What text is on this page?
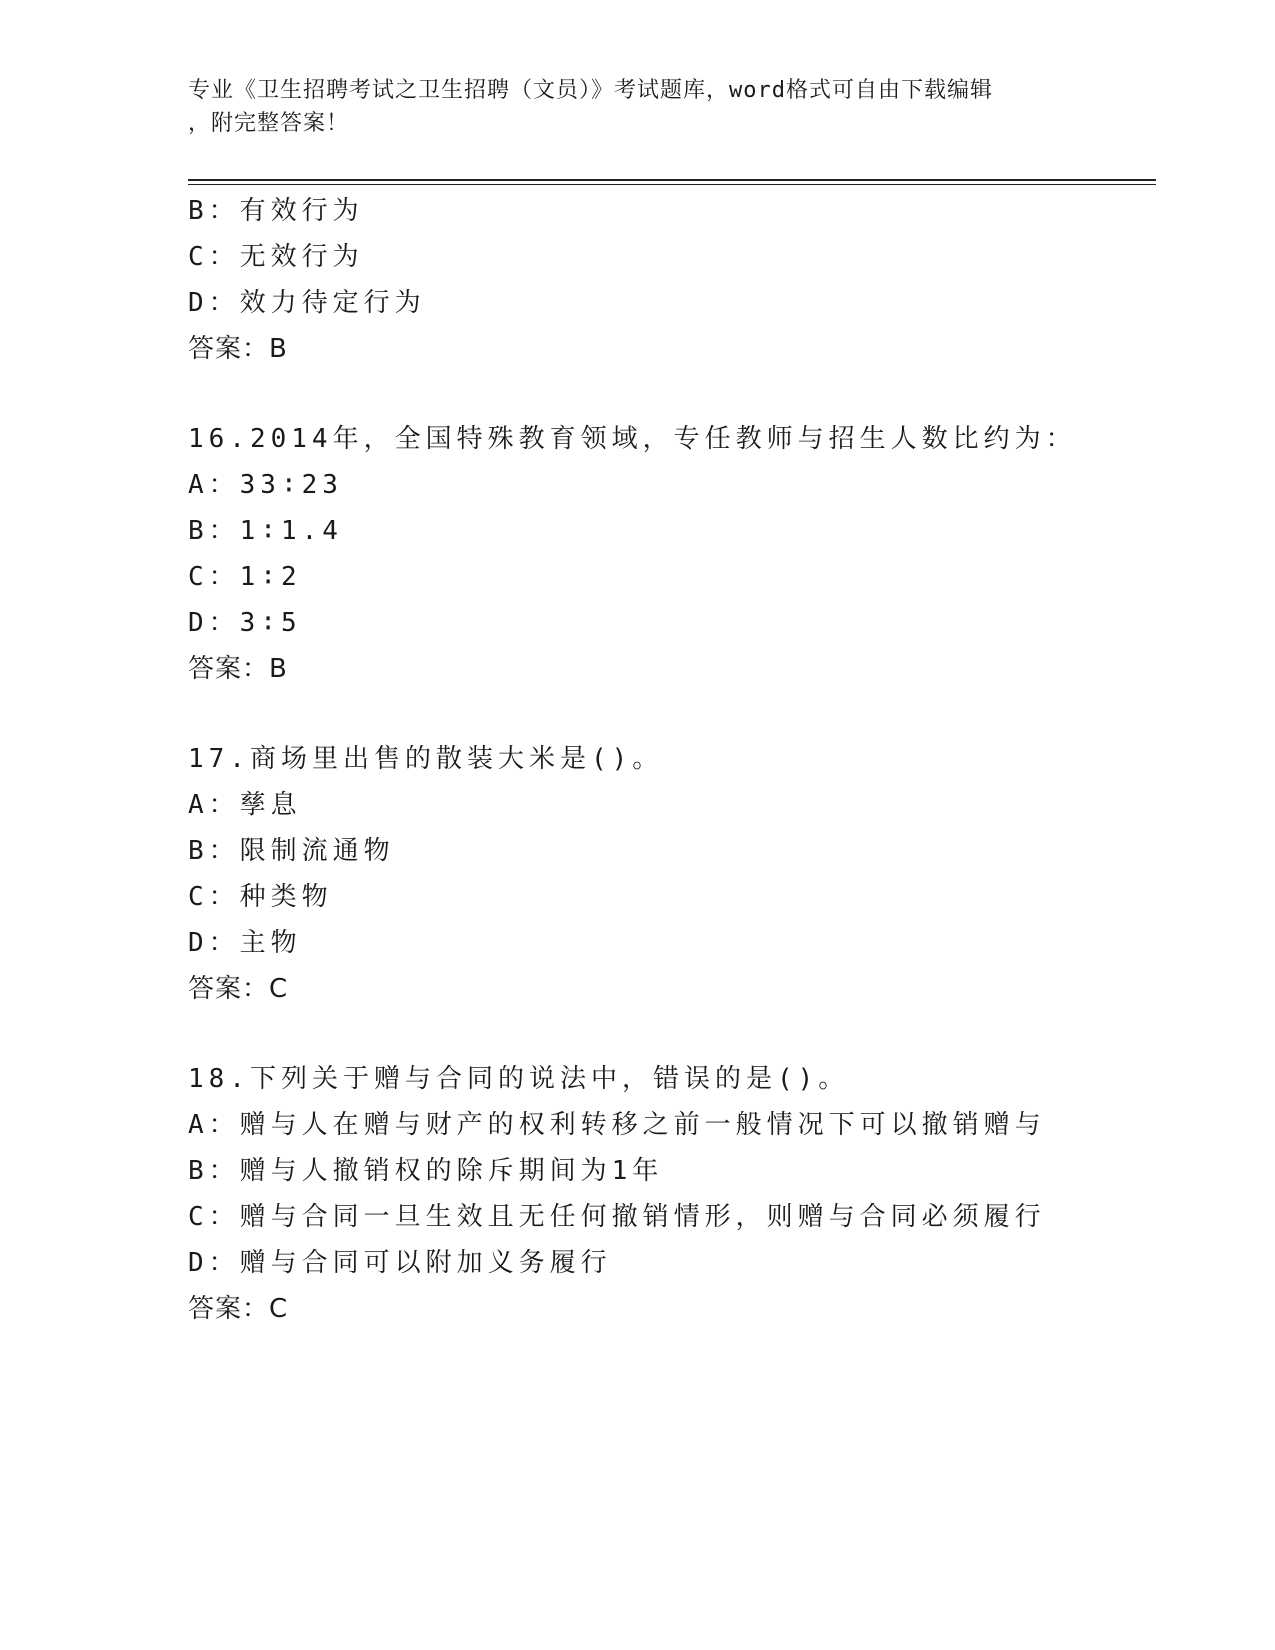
专业《卫生招聘考试之卫生招聘（文员）》考试题库，word格式可自由下载编辑
，附完整答案！
B：有效行为
C：无效行为
D：效力待定行为
答案：B
16.2014年，全国特殊教育领域，专任教师与招生人数比约为：
A：33∶23
B：1∶1.4
C：1∶2
D：3∶5
答案：B
17.商场里出售的散装大米是()。
A：孳息
B：限制流通物
C：种类物
D：主物
答案：C
18.下列关于赠与合同的说法中，错误的是()。
A：赠与人在赠与财产的权利转移之前一般情况下可以撤销赠与
B：赠与人撤销权的除斥期间为1年
C：赠与合同一旦生效且无任何撤销情形，则赠与合同必须履行
D：赠与合同可以附加义务履行
答案：C
